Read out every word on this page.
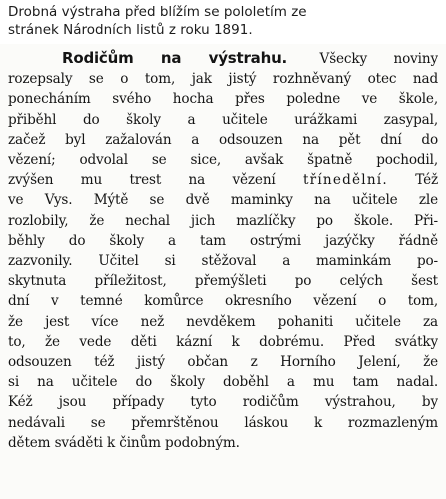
Drobná výstraha před blížím se pololetím ze
stránek Národních listů z roku 1891.
Rodičům na výstrahu. Všecky noviny
rozepsaly se o tom, jak jistý rozhněvaný otec nad
ponecháním svého hocha přes poledne ve škole,
přiběhl do školy a učitele urážkami zasypal,
začež byl zažalován a odsouzen na pět dní do
vězení; odvolal se sice, avšak špatně pochodil,
zvýšen mu trest na vězení třínedělní. Též
ve Vys. Mýtě se dvě maminky na učitele zle
rozlobily, že nechal jich mazlíčky po škole. Při-
běhly do školy a tam ostrými jazýčky řádně
zazvonily. Učitel si stěžoval a maminkám po-
skytnuta příležitost, přemýšleti po celých šest
dní v temné komůrce okresního vězení o tom,
že jest více než nevděkem pohaniti učitele za
to, že vede děti kázní k dobrému. Před svátky
odsouzen též jistý občan z Horního Jelení, že
si na učitele do školy doběhl a mu tam nadal.
Kéž jsou případy tyto rodičům výstrahou, by
nedávali se přemrštěnou láskou k rozmazleným
dětem sváděti k činům podobným.
